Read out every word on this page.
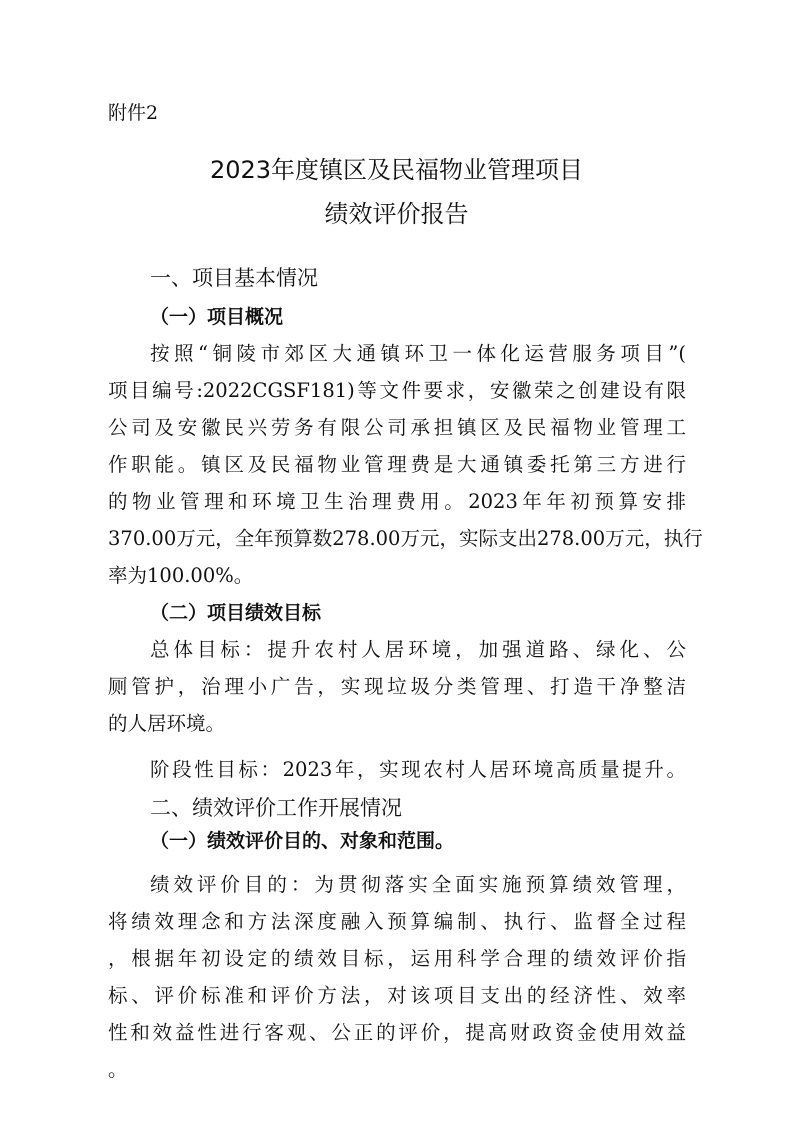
附件2
2023年度镇区及民福物业管理项目
绩效评价报告
一、项目基本情况
（一）项目概况
按照“铜陵市郊区大通镇环卫一体化运营服务项目”(
项目编号:2022CGSF181)等文件要求，安徽荣之创建设有限
公司及安徽民兴劳务有限公司承担镇区及民福物业管理工
作职能。镇区及民福物业管理费是大通镇委托第三方进行
的物业管理和环境卫生治理费用。2023年年初预算安排
370.00万元，全年预算数278.00万元，实际支出278.00万元，执行
率为100.00%。
（二）项目绩效目标
总体目标：提升农村人居环境，加强道路、绿化、公
厕管护，治理小广告，实现垃圾分类管理、打造干净整洁
的人居环境。
阶段性目标：2023年，实现农村人居环境高质量提升。
二、绩效评价工作开展情况
（一）绩效评价目的、对象和范围。
绩效评价目的：为贯彻落实全面实施预算绩效管理，
将绩效理念和方法深度融入预算编制、执行、监督全过程
，根据年初设定的绩效目标，运用科学合理的绩效评价指
标、评价标准和评价方法，对该项目支出的经济性、效率
性和效益性进行客观、公正的评价，提高财政资金使用效益
。
